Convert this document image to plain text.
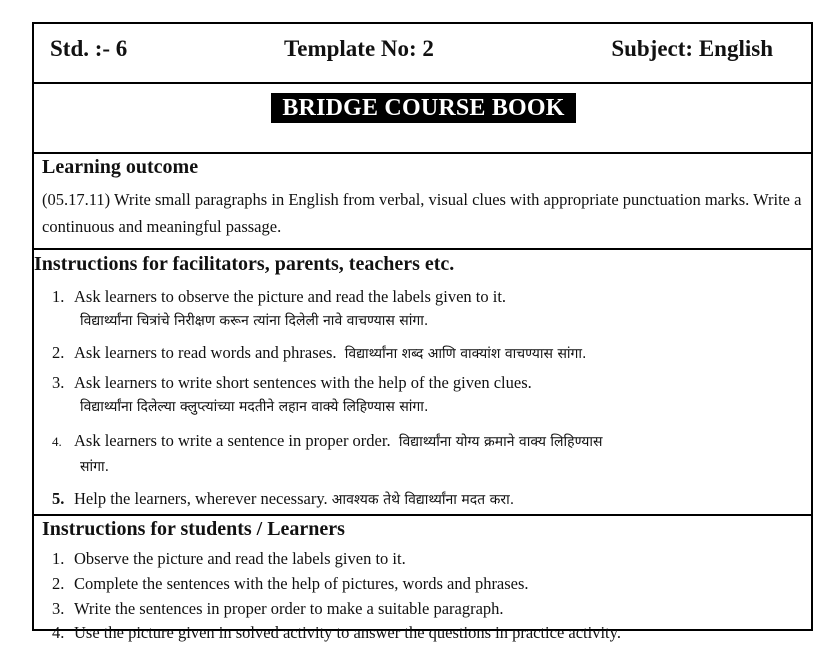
Std. :- 6	Template No: 2	Subject: English
BRIDGE COURSE BOOK
Learning outcome
(05.17.11) Write small paragraphs in English from verbal, visual clues with appropriate punctuation marks. Write a continuous and meaningful passage.
Instructions for facilitators, parents, teachers etc.
1. Ask learners to observe the picture and read the labels given to it.
विद्यार्थ्यांना चित्रांचे निरीक्षण करून त्यांना दिलेली नावे वाचण्यास सांगा.
2. Ask learners to read words and phrases. विद्यार्थ्यांना शब्द आणि वाक्यांश वाचण्यास सांगा.
3. Ask learners to write short sentences with the help of the given clues.
विद्यार्थ्यांना दिलेल्या क्लुप्त्यांच्या मदतीने लहान वाक्ये लिहिण्यास सांगा.
4. Ask learners to write a sentence in proper order. विद्यार्थ्यांना योग्य क्रमाने वाक्य लिहिण्यास
सांगा.
5. Help the learners, wherever necessary. आवश्यक तेथे विद्यार्थ्यांना मदत करा.
Instructions for students / Learners
1. Observe the picture and read the labels given to it.
2. Complete the sentences with the help of pictures, words and phrases.
3. Write the sentences in proper order to make a suitable paragraph.
4. Use the picture given in solved activity to answer the questions in practice activity.
